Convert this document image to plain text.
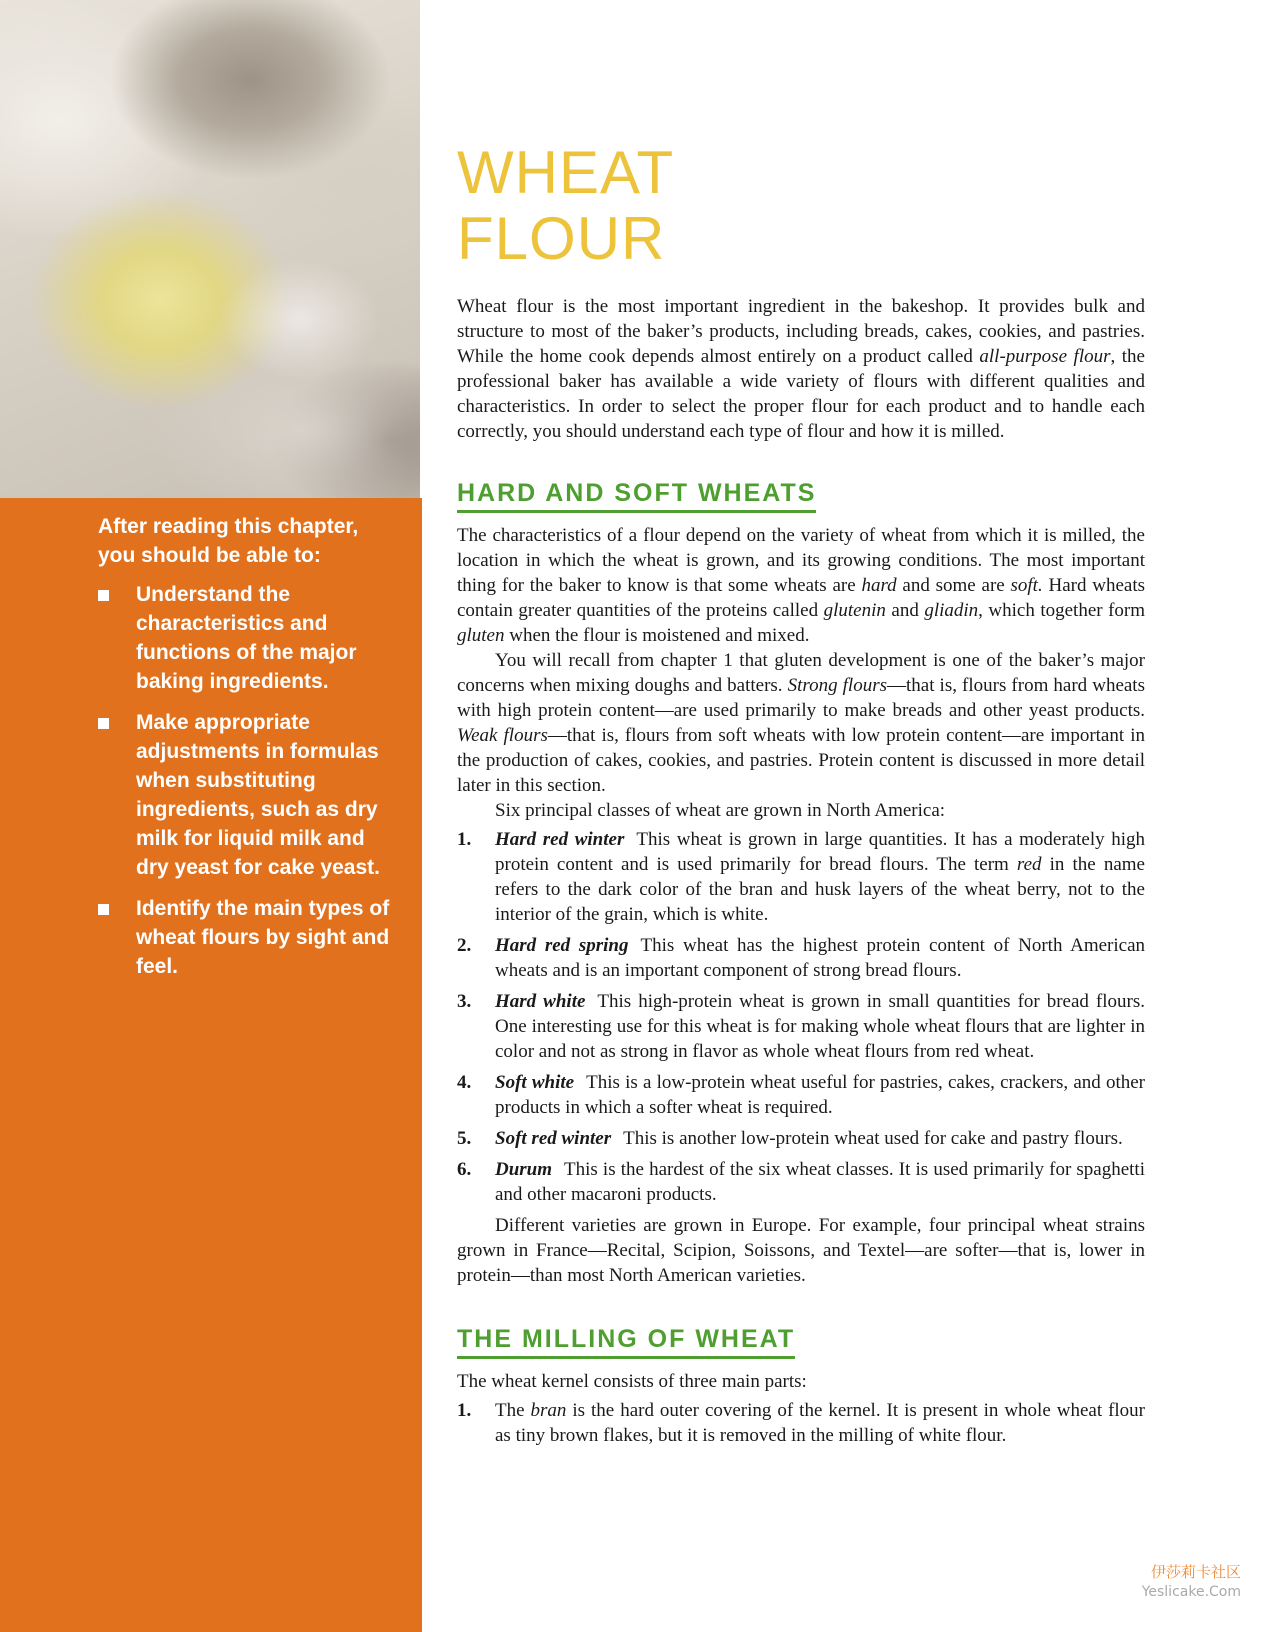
After reading this chapter, you should be able to:
Understand the characteristics and functions of the major baking ingredients.
Make appropriate adjustments in formulas when substituting ingredients, such as dry milk for liquid milk and dry yeast for cake yeast.
Identify the main types of wheat flours by sight and feel.
WHEAT
FLOUR

Wheat flour is the most important ingredient in the bakeshop. It provides bulk and structure to most of the baker’s products, including breads, cakes, cookies, and pastries. While the home cook depends almost entirely on a product called all-purpose flour, the professional baker has available a wide variety of flours with different qualities and characteristics. In order to select the proper flour for each product and to handle each correctly, you should understand each type of flour and how it is milled.

HARD AND SOFT WHEATS

The characteristics of a flour depend on the variety of wheat from which it is milled, the location in which the wheat is grown, and its growing conditions. The most important thing for the baker to know is that some wheats are hard and some are soft. Hard wheats contain greater quantities of the proteins called glutenin and gliadin, which together form gluten when the flour is moistened and mixed.

You will recall from chapter 1 that gluten development is one of the baker’s major concerns when mixing doughs and batters. Strong flours—that is, flours from hard wheats with high protein content—are used primarily to make breads and other yeast products. Weak flours—that is, flours from soft wheats with low protein content—are important in the production of cakes, cookies, and pastries. Protein content is discussed in more detail later in this section.

Six principal classes of wheat are grown in North America:

1. Hard red winter This wheat is grown in large quantities. It has a moderately high protein content and is used primarily for bread flours. The term red in the name refers to the dark color of the bran and husk layers of the wheat berry, not to the interior of the grain, which is white.
2. Hard red spring This wheat has the highest protein content of North American wheats and is an important component of strong bread flours.
3. Hard white This high-protein wheat is grown in small quantities for bread flours. One interesting use for this wheat is for making whole wheat flours that are lighter in color and not as strong in flavor as whole wheat flours from red wheat.
4. Soft white This is a low-protein wheat useful for pastries, cakes, crackers, and other products in which a softer wheat is required.
5. Soft red winter This is another low-protein wheat used for cake and pastry flours.
6. Durum This is the hardest of the six wheat classes. It is used primarily for spaghetti and other macaroni products.

Different varieties are grown in Europe. For example, four principal wheat strains grown in France—Recital, Scipion, Soissons, and Textel—are softer—that is, lower in protein—than most North American varieties.

THE MILLING OF WHEAT

The wheat kernel consists of three main parts:

1. The bran is the hard outer covering of the kernel. It is present in whole wheat flour as tiny brown flakes, but it is removed in the milling of white flour.
伊莎莉卡社区
Yeslicake.Com
